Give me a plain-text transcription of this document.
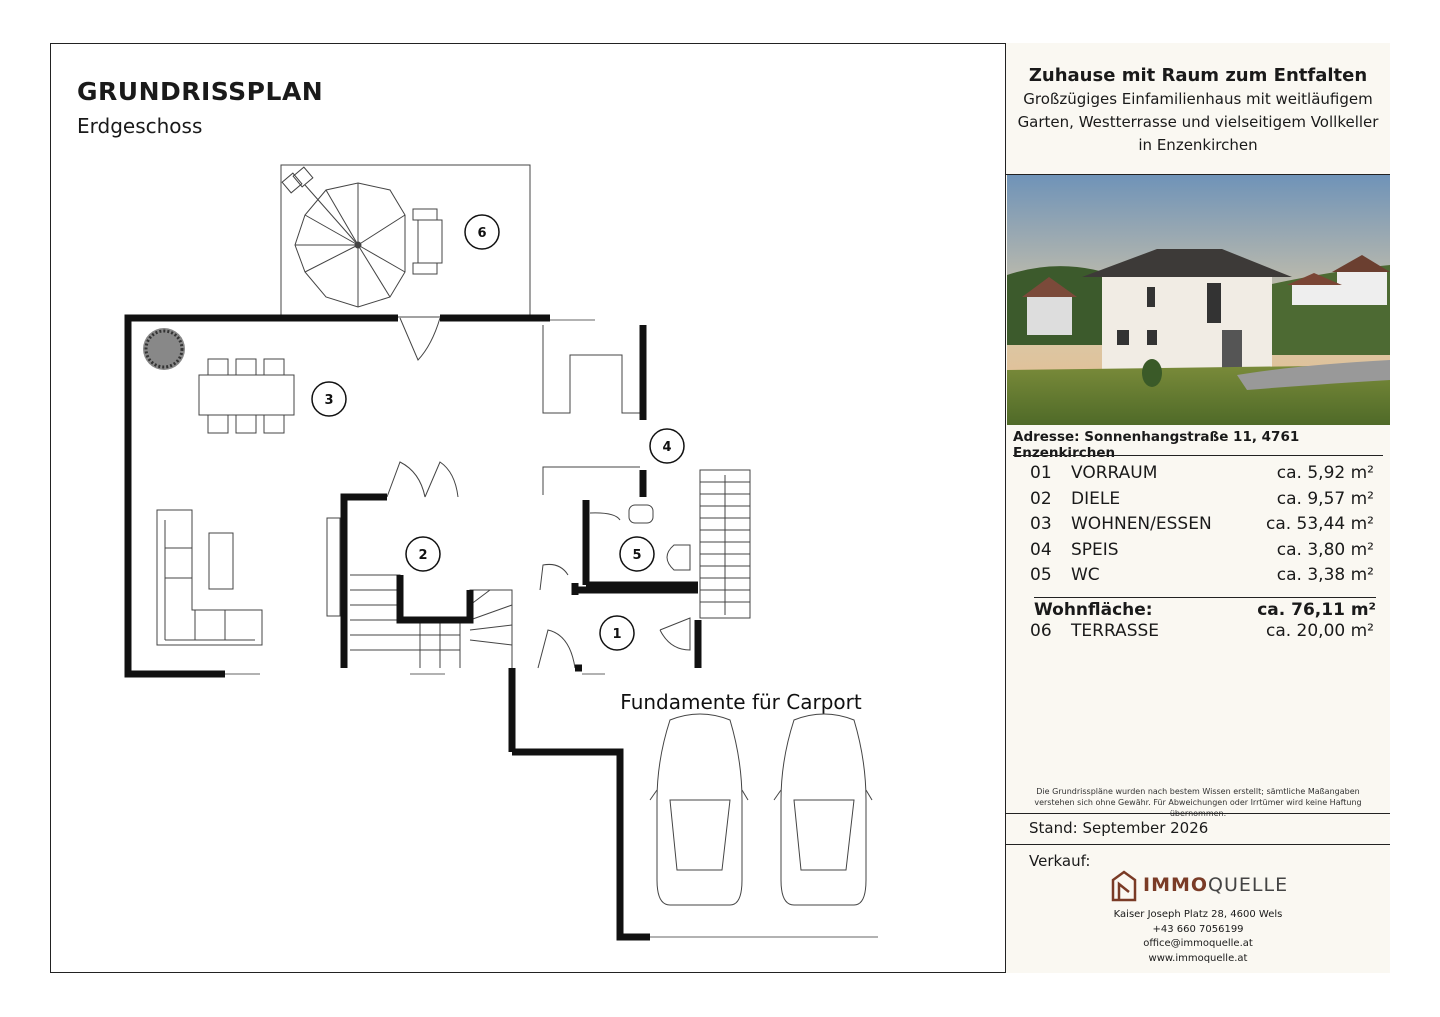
1
2
3
4
5
6
Fundamente für Carport
GRUNDRISSPLAN
Erdgeschoss
Zuhause mit Raum zum Entfalten
Großzügiges Einfamilienhaus mit weitläufigem Garten, Westterrasse und vielseitigem Vollkeller in Enzenkirchen
Adresse: Sonnenhangstraße 11, 4761 Enzenkirchen
01 VORRAUM	ca. 5,92 m²
02 DIELE	ca. 9,57 m²
03 WOHNEN/ESSEN	ca. 53,44 m²
04 SPEIS	ca. 3,80 m²
05 WC	ca. 3,38 m²
Wohnfläche:	ca. 76,11 m²
06 TERRASSE	ca. 20,00 m²
Die Grundrisspläne wurden nach bestem Wissen erstellt; sämtliche Maßangaben verstehen sich ohne Gewähr. Für Abweichungen oder Irrtümer wird keine Haftung übernommen.
Stand: September 2026
Verkauf:
IMMOQUELLE
Kaiser Joseph Platz 28, 4600 Wels
+43 660 7056199
office@immoquelle.at
www.immoquelle.at
